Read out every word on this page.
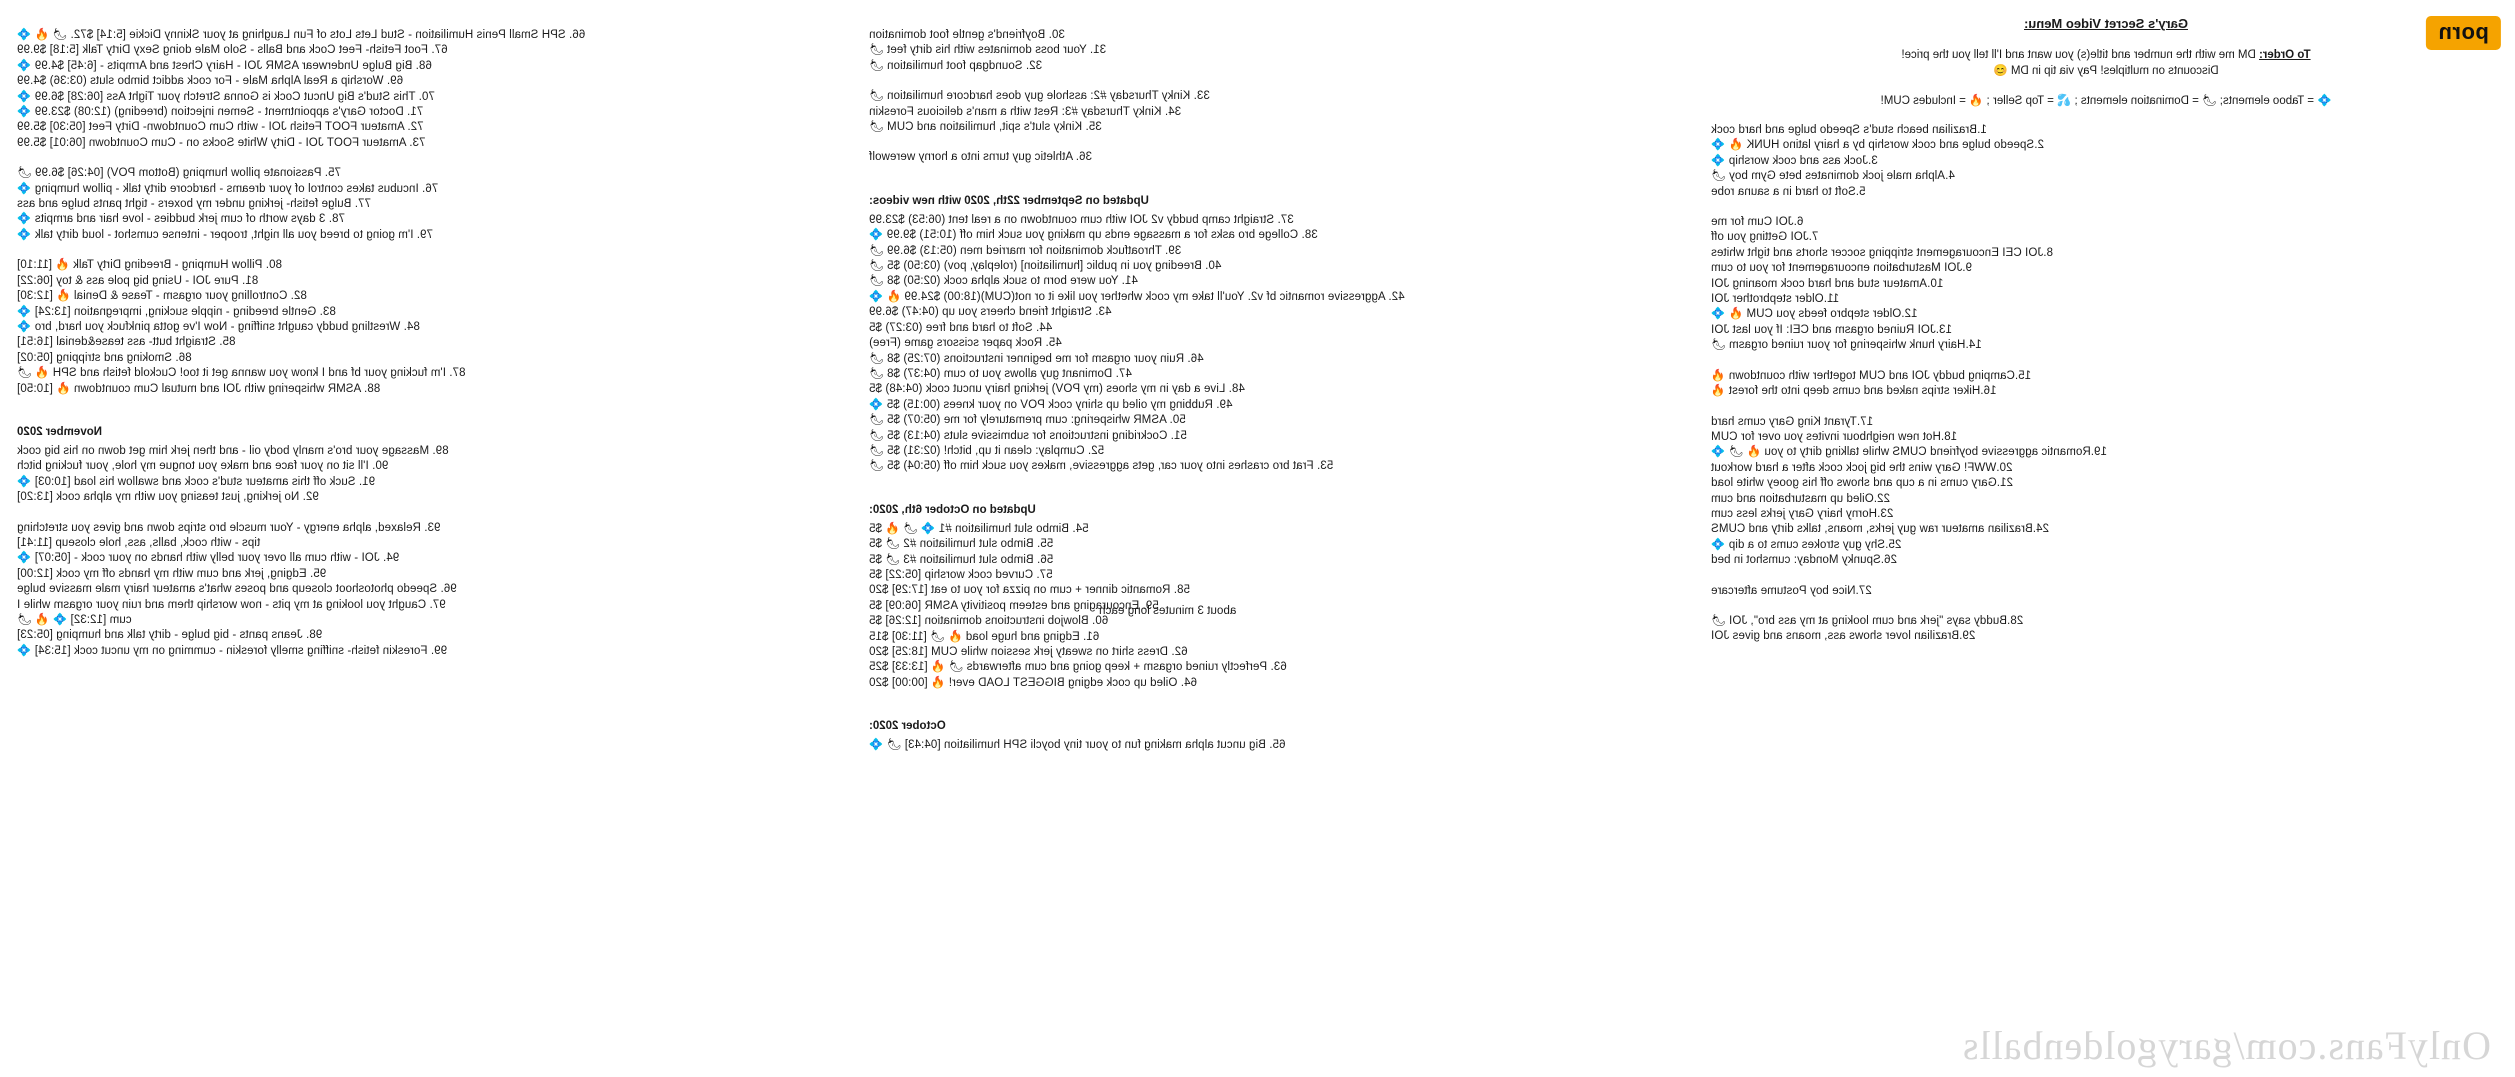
Gary's Secret Video Menu:
To Order: DM me with the number and title(s) you want and I'll tell you the price!
Discounts on multiples! Pay via tip in DM 😊
💠 = Taboo elements; 🌶 = Domination elements ; 💦 = Top Seller ; 🔥 = Includes CUM!
1.Brazilian beach stud's Speedo bulge and hard cock
2.Speedo bulge and cock worship by a hairy latino HUNK 🔥 💠
3.Jock ass and cock worship 💠
4.Alpha male jock dominates bete Gym boy 🌶
5.Soft to hard in a sauna robe
6.JOI Cum for me
7.JOI Getting you off
8.JOI CEI Encouragement stripping soccer shorts and tight whites
9.JOI Masturbation encouragement for you to cum
10.Amateur stud and hard cock moaning JOI
11.Older stepbrother JOI
12.Older stepbro feeds you CUM 🔥 💠
13.JOI Ruined orgasm and CEI: If you last JOI
14.Hairy hunk whispering for your ruined orgasm 🌶
15.Camping buddy JOI and CUM together with countdown 🔥
16.Hiker strips naked and cums deep into the forest 🔥
17.Tyrant King Gary cums hard
18.Hot new neighbour invites you over for CUM
19.Romantic aggressive boyfriend CUMS while talking dirty to you 🔥 🌶 💠
20.WWF! Gary wins the big jock cock after a hard workout
21.Gary cums in a cup and shows off his gooey white load
22.Oiled up masturbation and cum
23.Horny hairy Gary jerks less cum
24.Brazilian amateur raw guy jerks, moans, talks dirty and CUMS
25.Shy guy strokes cums to a dip 💠
26.Spunky Monday: cumshot in bed
27.Nice boy Postume aftercare
28.Buddy says "jerk and cum looking at my ass bro", JOI 🌶
29.Brazilian lover shows ass, moans and gives JOI
30. Boyfriend's gentle foot domination
31. Your boss dominates with his dirty feet 🌶
32. Soundgap foot humiliation 🌶
33. Kinky Thursday #2: asshole guy does hardcore humiliation 🌶
34. Kinky Thursday #3: Rest with a man's delicious Foreskin
35. Kinky slut's spit, humiliation and CUM 🌶
36. Athletic guy turns into a horny werewolf
Updated on September 22th, 2020 with new videos:
37. Straight camp buddy v2 JOI with cum countdown on a real tent (06:53) $23.99
38. College bro asks for a massage ends up making you suck him off (10:51) $9.99 💠
39. Throatfuck domination for married men (05:13) $6.99 🌶
40. Breeding you in public [humiliation] (roleplay, pov) (03:50) $5 🌶
41. You were born to suck alpha cock (02:50) $8 🌶
42. Aggressive romantic bf v2. You'll take my cock whether you like it or not(CUM)(18:00) $24.99 🔥 💠
43. Straight friend cheers you up (04:47) $6.99
44. Soft to hard and free (03:27) $5
45. Rock paper scissors game (Free)
46. Ruin your orgasm for me beginner instructions (07:25) $8 🌶
47. Dominant guy allows you to cum (04:37) $8 🌶
48. Live a day in my shoes (my POV) jerking hairy uncut cock (04:48) $5
49. Rubbing my oiled up shiny cock POV on your knees (00:15) $5 💠
50. ASMR whispering: cum prematurely for me (05:07) $5 🌶
51. Cockriding instructions for submissive sluts (04:13) $5 🌶
52. Cumplay: clean it up, bitch! (02:31) $5 🌶
53. Frat bro crashes into your car, gets aggressive, makes you suck him off (05:04) $5 🌶
Updated on October 6th, 2020:
54. Bimbo slut humiliation #1 💠 🌶 🔥 $5
55. Bimbo slut humiliation #2 🌶 $5
56. Bimbo slut humiliation #3 🌶 $5
57. Curved cock worship [05:22] $5
58. Romantic dinner + cum on pizza for you to eat [17:29] $20
59. Encouraging and esteem positivity ASMR [06:09] $5
60. Blowjob instructions domination [12:26] $5
61. Edging and huge load 🔥 🌶 [11:30] $15
62. Dress shirt on sweaty jerk session while CUM [18:25] $20
63. Perfectly ruined orgasm + keep going and cum afterwards 🌶 🔥 [13:33] $25
64. Oiled up cock edging BIGGEST LOAD ever! 🔥 [00:00] $20
October 2020:
65. Big uncut alpha making fun to your tiny boycli SPH humiliation [04:43] 🌶 💠
about 3 minutes long each
66. SPH Small Penis Humiliation - Stud Lets Lots of Fun Laughing at your Skinny Dickie [5:14] $72. 🌶 🔥 💠
67. Foot Fetish- Feet Cock and Balls - Solo Male doing Sexy Dirty Talk [5:18] $9.99
68. Big Bulge Underwear ASMR JOI - Hairy Chest and Armpits - [6:45] $4.99 💠
69. Worship a Real Alpha Male - For cock addict bimbo sluts (03:36) $4.99
70. This Stud's Big Uncut Cock is Gonna Stretch your Tight Ass [06:28] $6.99 💠
71. Doctor Gary's appointment - Semen injection (breeding) (12:08) $23.99 💠
72. Amateur FOOT Fetish JOI - with Cum Countdown- Dirty Feet [05:30] $5.99
73. Amateur FOOT JOI - Dirty White Socks on - Cum Countdown [06:01] $5.99
75. Passionate pillow humping (Bottom POV) [04:26] $6.99 🌶
76. Incubus takes control of your dreams - hardcore dirty talk - pillow humping 💠
77. Bulge fetish- jerking under my boxers - tight pants bulge and ass
78. 3 days worth of cum jerk buddies - love hair and armpits 💠
79. I'm going to breed you all night, trooper - intense cumshot - loud dirty talk 💠
80. Pillow Humping - Breeding Dirty Talk 🔥 [11:10]
81. Pure JOI - Using big pole ass & toy [06:22]
82. Controlling your orgasm - Tease & Denial 🔥 [12:30]
83. Gentle breeding - nipple sucking, impregnation [13:24] 💠
84. Wrestling buddy caught sniffing - Now I've gotta pinkfuck you hard, bro 💠
85. Straight butt- ass tease&denial [16:51]
86. Smoking and stripping [05:02]
87. I'm fucking your bf and I know you wanna get it too! Cuckold fetish and SPH 🔥 🌶
88. ASMR whispering with JOI and mutual Cum countdown 🔥 [10:50]
November 2020
89. Massage your bro's manly body oil - and then jerk him get down on his big cock
90. I'll sit on your face and make you tongue my hole, your fucking bitch
91. Suck off this amateur stud's cock and swallow his load [10:03] 💠
92. No jerking, just teasing you with my alpha cock [13:20]
93. Relaxed, alpha energy - Your muscle bro strips down and gives you stretching
tips - with cock, balls, ass, hole closeup [11:41]
94. JOI - with cum all over your belly with hands on your cock - [05:07] 💠
95. Edging, jerk and cum with my hands off my cock [12:00]
96. Speedo photoshoot closeup and poses what's amateur hairy male massive bulge
97. Caught you looking at my pits - now worship them and ruin your orgasm while I
cum [12:32] 💠 🔥 🌶
98. Jeans pants - big bulge - dirty talk and humping [05:23]
99. Foreskin fetish- sniffing smelly foreskin - cumming on my uncut cock [15:34] 💠
OnlyFans.com/garygoldenballs
porn
